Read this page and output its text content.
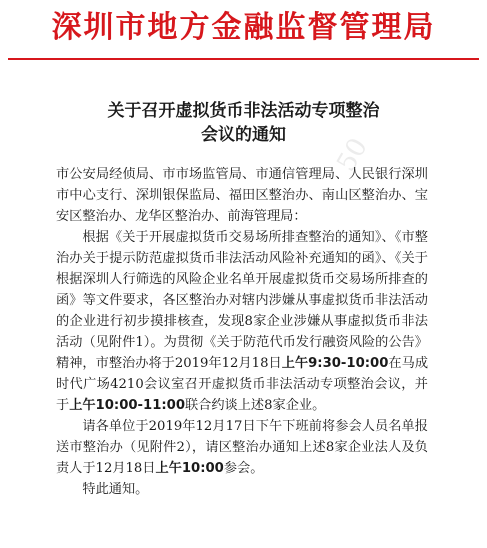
深圳市地方金融监督管理局
关于召开虚拟货币非法活动专项整治
会议的通知	50

市公安局经侦局、市市场监管局、市通信管理局、人民银行深圳市中心支行、深圳银保监局、福田区整治办、南山区整治办、宝安区整治办、龙华区整治办、前海管理局：

根据《关于开展虚拟货币交易场所排查整治的通知》、《市整治办关于提示防范虚拟货币非法活动风险补充通知的函》、《关于根据深圳人行筛选的风险企业名单开展虚拟货币交易场所排查的函》等文件要求，各区整治办对辖内涉嫌从事虚拟货币非法活动的企业进行初步摸排核查，发现8家企业涉嫌从事虚拟货币非法活动（见附件1）。为贯彻《关于防范代币发行融资风险的公告》精神，市整治办将于2019年12月18日上午9:30-10:00在马成时代广场4210会议室召开虚拟货币非法活动专项整治会议，并于上午10:00-11:00联合约谈上述8家企业。

请各单位于2019年12月17日下午下班前将参会人员名单报送市整治办（见附件2），请区整治办通知上述8家企业法人及负责人于12月18日上午10:00参会。

特此通知。
